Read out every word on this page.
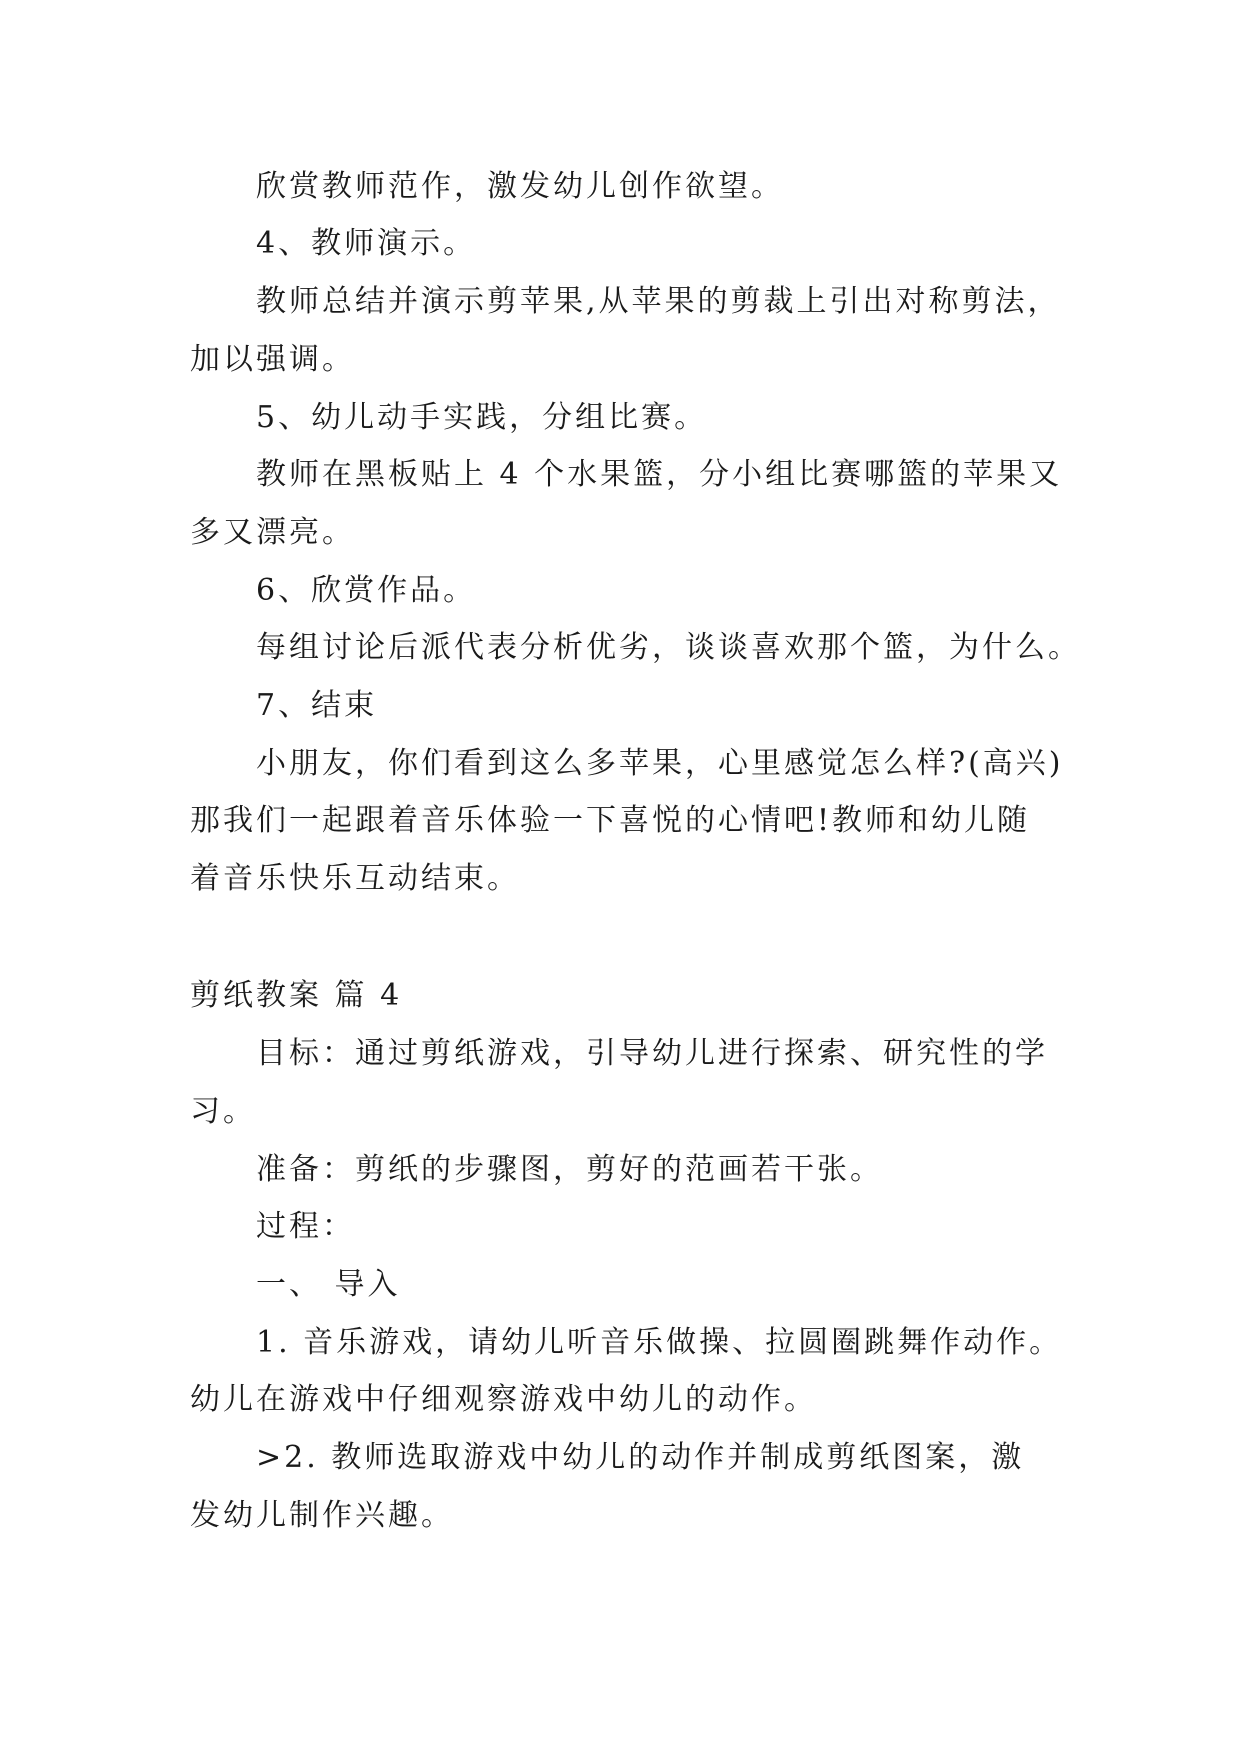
欣赏教师范作，激发幼儿创作欲望。
4、教师演示。
教师总结并演示剪苹果,从苹果的剪裁上引出对称剪法，
加以强调。
5、幼儿动手实践，分组比赛。
教师在黑板贴上 4 个水果篮，分小组比赛哪篮的苹果又
多又漂亮。
6、欣赏作品。
每组讨论后派代表分析优劣，谈谈喜欢那个篮，为什么。
7、结束
小朋友，你们看到这么多苹果，心里感觉怎么样?(高兴)
那我们一起跟着音乐体验一下喜悦的心情吧!教师和幼儿随
着音乐快乐互动结束。
剪纸教案 篇 4
目标：通过剪纸游戏，引导幼儿进行探索、研究性的学
习。
准备：剪纸的步骤图，剪好的范画若干张。
过程：
一、 导入
1. 音乐游戏，请幼儿听音乐做操、拉圆圈跳舞作动作。
幼儿在游戏中仔细观察游戏中幼儿的动作。
>2. 教师选取游戏中幼儿的动作并制成剪纸图案，激
发幼儿制作兴趣。
